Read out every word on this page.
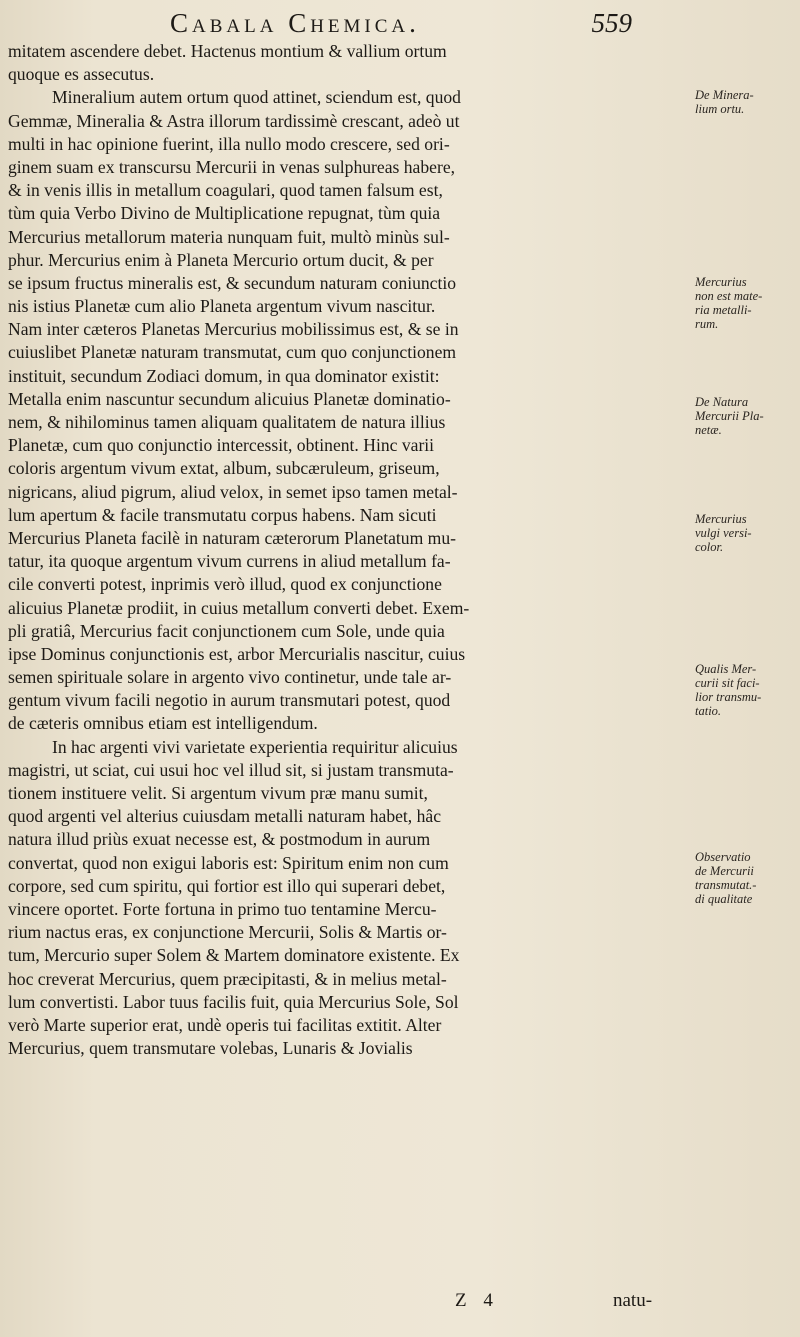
Cabala Chemica.	559
mitatem ascendere debet. Hactenus montium & vallium ortum
quoque es assecutus.
Mineralium autem ortum quod attinet, sciendum est, quod
Gemmæ, Mineralia & Astra illorum tardissimè crescant, adeò ut
multi in hac opinione fuerint, illa nullo modo crescere, sed ori-
ginem suam ex transcursu Mercurii in venas sulphureas habere,
& in venis illis in metallum coagulari, quod tamen falsum est,
tùm quia Verbo Divino de Multiplicatione repugnat, tùm quia
Mercurius metallorum materia nunquam fuit, multò minùs sul-
phur. Mercurius enim à Planeta Mercurio ortum ducit, & per
se ipsum fructus mineralis est, & secundum naturam coniunctio
nis istius Planetæ cum alio Planeta argentum vivum nascitur.
Nam inter cæteros Planetas Mercurius mobilissimus est, & se in
cuiuslibet Planetæ naturam transmutat, cum quo conjunctionem
instituit, secundum Zodiaci domum, in qua dominator existit:
Metalla enim nascuntur secundum alicuius Planetæ dominatio-
nem, & nihilominus tamen aliquam qualitatem de natura illius
Planetæ, cum quo conjunctio intercessit, obtinent. Hinc varii
coloris argentum vivum extat, album, subcæruleum, griseum,
nigricans, aliud pigrum, aliud velox, in semet ipso tamen metal-
lum apertum & facile transmutatu corpus habens. Nam sicuti
Mercurius Planeta facilè in naturam cæterorum Planetatum mu-
tatur, ita quoque argentum vivum currens in aliud metallum fa-
cile converti potest, inprimis verò illud, quod ex conjunctione
alicuius Planetæ prodiit, in cuius metallum converti debet. Exem-
pli gratiâ, Mercurius facit conjunctionem cum Sole, unde quia
ipse Dominus conjunctionis est, arbor Mercurialis nascitur, cuius
semen spirituale solare in argento vivo continetur, unde tale ar-
gentum vivum facili negotio in aurum transmutari potest, quod
de cæteris omnibus etiam est intelligendum.
In hac argenti vivi varietate experientia requiritur alicuius
magistri, ut sciat, cui usui hoc vel illud sit, si justam transmuta-
tionem instituere velit. Si argentum vivum præ manu sumit,
quod argenti vel alterius cuiusdam metalli naturam habet, hâc
natura illud priùs exuat necesse est, & postmodum in aurum
convertat, quod non exigui laboris est: Spiritum enim non cum
corpore, sed cum spiritu, qui fortior est illo qui superari debet,
vincere oportet. Forte fortuna in primo tuo tentamine Mercu-
rium nactus eras, ex conjunctione Mercurii, Solis & Martis or-
tum, Mercurio super Solem & Martem dominatore existente. Ex
hoc creverat Mercurius, quem præcipitasti, & in melius metal-
lum convertisti. Labor tuus facilis fuit, quia Mercurius Sole, Sol
verò Marte superior erat, undè operis tui facilitas extitit. Alter
Mercurius, quem transmutare volebas, Lunaris & Jovialis
De Minera-
lium ortu.
Mercurius
non est mate-
ria metalli-
rum.
De Natura
Mercurii Pla-
netæ.
Mercurius
vulgi versi-
color.
Qualis Mer-
curii sit faci-
lior transmu-
tatio.
Observatio
de Mercurii
transmutat.-
di qualitate
Z 4	natu-
